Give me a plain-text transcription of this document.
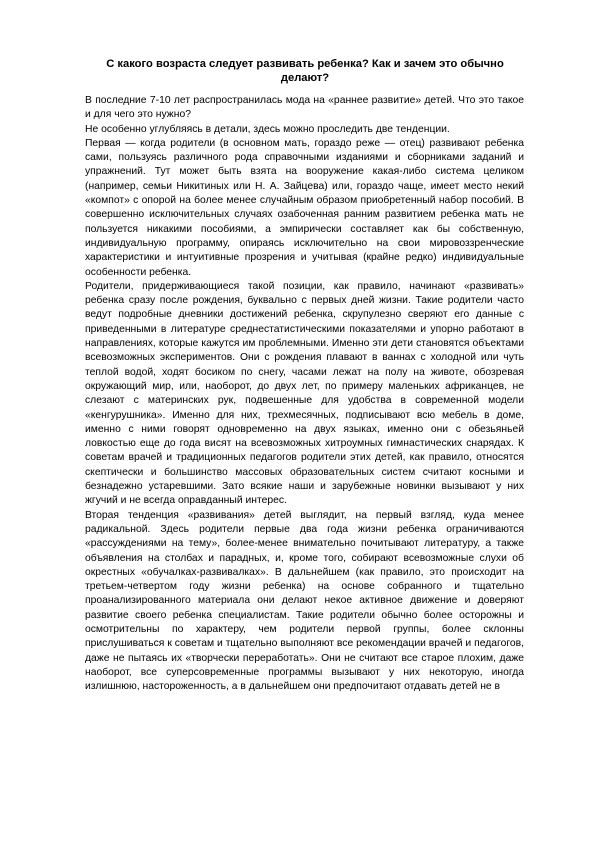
С какого возраста следует развивать ребенка? Как и зачем это обычно делают?

В последние 7-10 лет распространилась мода на «раннее развитие» детей. Что это такое и для чего это нужно?

Не особенно углубляясь в детали, здесь можно проследить две тенденции.

Первая — когда родители (в основном мать, гораздо реже — отец) развивают ребенка сами, пользуясь различного рода справочными изданиями и сборниками заданий и упражнений. Тут может быть взята на вооружение какая-либо система целиком (например, семьи Никитиных или Н. А. Зайцева) или, гораздо чаще, имеет место некий «компот» с опорой на более менее случайным образом приобретенный набор пособий. В совершенно исключительных случаях озабоченная ранним развитием ребенка мать не пользуется никакими пособиями, а эмпирически составляет как бы собственную, индивидуальную программу, опираясь исключительно на свои мировоззренческие характеристики и интуитивные прозрения и учитывая (крайне редко) индивидуальные особенности ребенка.

Родители, придерживающиеся такой позиции, как правило, начинают «развивать» ребенка сразу после рождения, буквально с первых дней жизни. Такие родители часто ведут подробные дневники достижений ребенка, скрупулезно сверяют его данные с приведенными в литературе среднестатистическими показателями и упорно работают в направлениях, которые кажутся им проблемными. Именно эти дети становятся объектами всевозможных экспериментов. Они с рождения плавают в ваннах с холодной или чуть теплой водой, ходят босиком по снегу, часами лежат на полу на животе, обозревая окружающий мир, или, наоборот, до двух лет, по примеру маленьких африканцев, не слезают с материнских рук, подвешенные для удобства в современной модели «кенгурушника». Именно для них, трехмесячных, подписывают всю мебель в доме, именно с ними говорят одновременно на двух языках, именно они с обезьяньей ловкостью еще до года висят на всевозможных хитроумных гимнастических снарядах. К советам врачей и традиционных педагогов родители этих детей, как правило, относятся скептически и большинство массовых образовательных систем считают косными и безнадежно устаревшими. Зато всякие наши и зарубежные новинки вызывают у них жгучий и не всегда оправданный интерес.

Вторая тенденция «развивания» детей выглядит, на первый взгляд, куда менее радикальной. Здесь родители первые два года жизни ребенка ограничиваются «рассуждениями на тему», более-менее внимательно почитывают литературу, а также объявления на столбах и парадных, и, кроме того, собирают всевозможные слухи об окрестных «обучалках-развивалках». В дальнейшем (как правило, это происходит на третьем-четвертом году жизни ребенка) на основе собранного и тщательно проанализированного материала они делают некое активное движение и доверяют развитие своего ребенка специалистам. Такие родители обычно более осторожны и осмотрительны по характеру, чем родители первой группы, более склонны прислушиваться к советам и тщательно выполняют все рекомендации врачей и педагогов, даже не пытаясь их «творчески переработать». Они не считают все старое плохим, даже наоборот, все суперсовременные программы вызывают у них некоторую, иногда излишнюю, настороженность, а в дальнейшем они предпочитают отдавать детей не в
